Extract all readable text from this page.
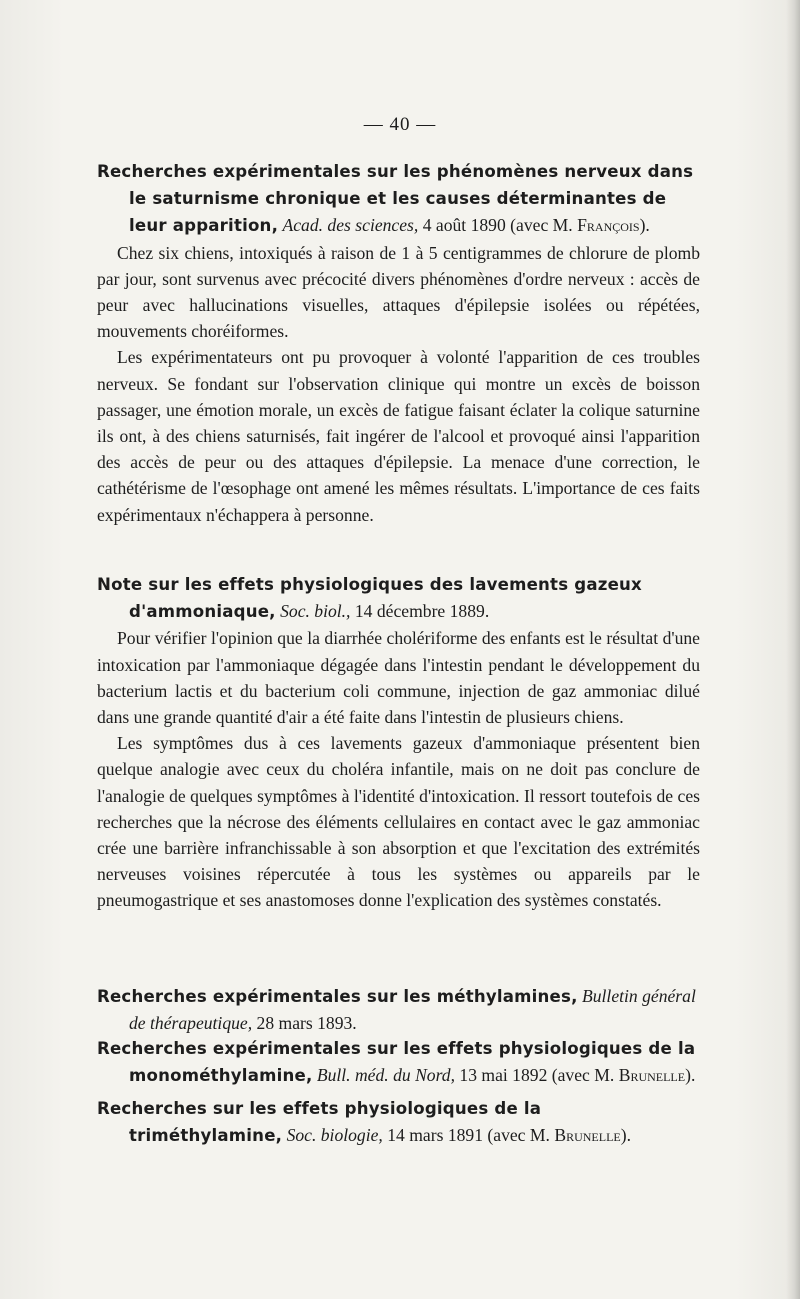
— 40 —

Recherches expérimentales sur les phénomènes nerveux dans le saturnisme chronique et les causes déterminantes de leur apparition, Acad. des sciences, 4 août 1890 (avec M. François).

Chez six chiens, intoxiqués à raison de 1 à 5 centigrammes de chlorure de plomb par jour, sont survenus avec précocité divers phénomènes d'ordre nerveux : accès de peur avec hallucinations visuelles, attaques d'épilepsie isolées ou répétées, mouvements choréiformes.

Les expérimentateurs ont pu provoquer à volonté l'apparition de ces troubles nerveux. Se fondant sur l'observation clinique qui montre un excès de boisson passager, une émotion morale, un excès de fatigue faisant éclater la colique saturnine ils ont, à des chiens saturnisés, fait ingérer de l'alcool et provoqué ainsi l'apparition des accès de peur ou des attaques d'épilepsie. La menace d'une correction, le cathétérisme de l'œsophage ont amené les mêmes résultats. L'importance de ces faits expérimentaux n'échappera à personne.

Note sur les effets physiologiques des lavements gazeux d'ammoniaque, Soc. biol., 14 décembre 1889.

Pour vérifier l'opinion que la diarrhée cholériforme des enfants est le résultat d'une intoxication par l'ammoniaque dégagée dans l'intestin pendant le développement du bacterium lactis et du bacterium coli commune, injection de gaz ammoniac dilué dans une grande quantité d'air a été faite dans l'intestin de plusieurs chiens.

Les symptômes dus à ces lavements gazeux d'ammoniaque présentent bien quelque analogie avec ceux du choléra infantile, mais on ne doit pas conclure de l'analogie de quelques symptômes à l'identité d'intoxication. Il ressort toutefois de ces recherches que la nécrose des éléments cellulaires en contact avec le gaz ammoniac crée une barrière infranchissable à son absorption et que l'excitation des extrémités nerveuses voisines répercutée à tous les systèmes ou appareils par le pneumogastrique et ses anastomoses donne l'explication des systèmes constatés.

Recherches expérimentales sur les méthylamines, Bulletin général de thérapeutique, 28 mars 1893.

Recherches expérimentales sur les effets physiologiques de la monométhylamine, Bull. méd. du Nord, 13 mai 1892 (avec M. Brunelle).

Recherches sur les effets physiologiques de la triméthylamine, Soc. biologie, 14 mars 1891 (avec M. Brunelle).
